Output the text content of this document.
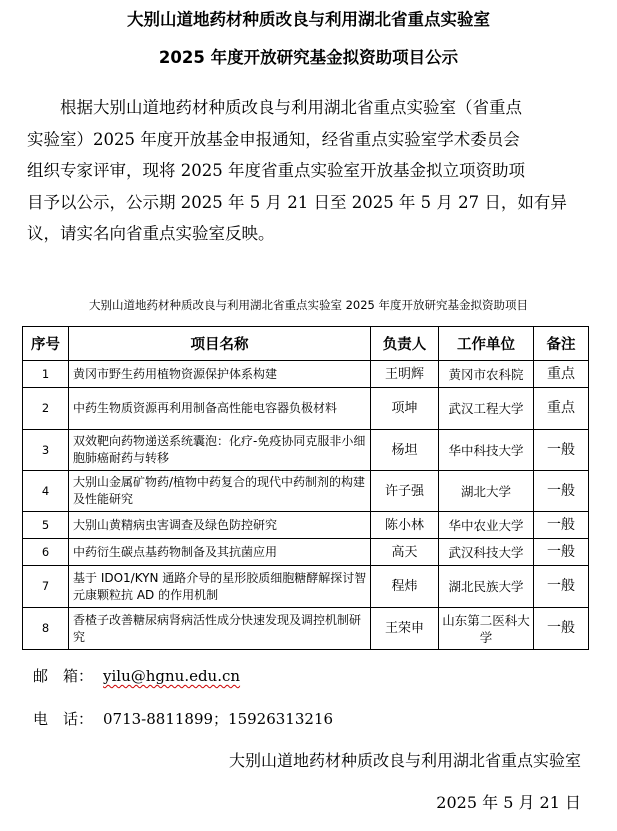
大别山道地药材种质改良与利用湖北省重点实验室
2025 年度开放研究基金拟资助项目公示
根据大别山道地药材种质改良与利用湖北省重点实验室（省重点
实验室）2025 年度开放基金申报通知，经省重点实验室学术委员会
组织专家评审，现将 2025 年度省重点实验室开放基金拟立项资助项
目予以公示，公示期 2025 年 5 月 21 日至 2025 年 5 月 27 日，如有异
议，请实名向省重点实验室反映。
大别山道地药材种质改良与利用湖北省重点实验室 2025 年度开放研究基金拟资助项目
序号	项目名称	负责人	工作单位	备注
1	黄冈市野生药用植物资源保护体系构建	王明辉	黄冈市农科院	重点
2	中药生物质资源再利用制备高性能电容器负极材料	项坤	武汉工程大学	重点
3	双效靶向药物递送系统囊泡：化疗-免疫协同克服非小细胞肺癌耐药与转移	杨坦	华中科技大学	一般
4	大别山金属矿物药/植物中药复合的现代中药制剂的构建及性能研究	许子强	湖北大学	一般
5	大别山黄精病虫害调查及绿色防控研究	陈小林	华中农业大学	一般
6	中药衍生碳点基药物制备及其抗菌应用	高天	武汉科技大学	一般
7	基于 IDO1/KYN 通路介导的星形胶质细胞糖酵解探讨智元康颗粒抗 AD 的作用机制	程炜	湖北民族大学	一般
8	香楂子改善糖尿病肾病活性成分快速发现及调控机制研究	王荣申	山东第二医科大学	一般
邮　箱： yilu@hgnu.edu.cn
电　话： 0713-8811899；15926313216
大别山道地药材种质改良与利用湖北省重点实验室
2025 年 5 月 21 日
